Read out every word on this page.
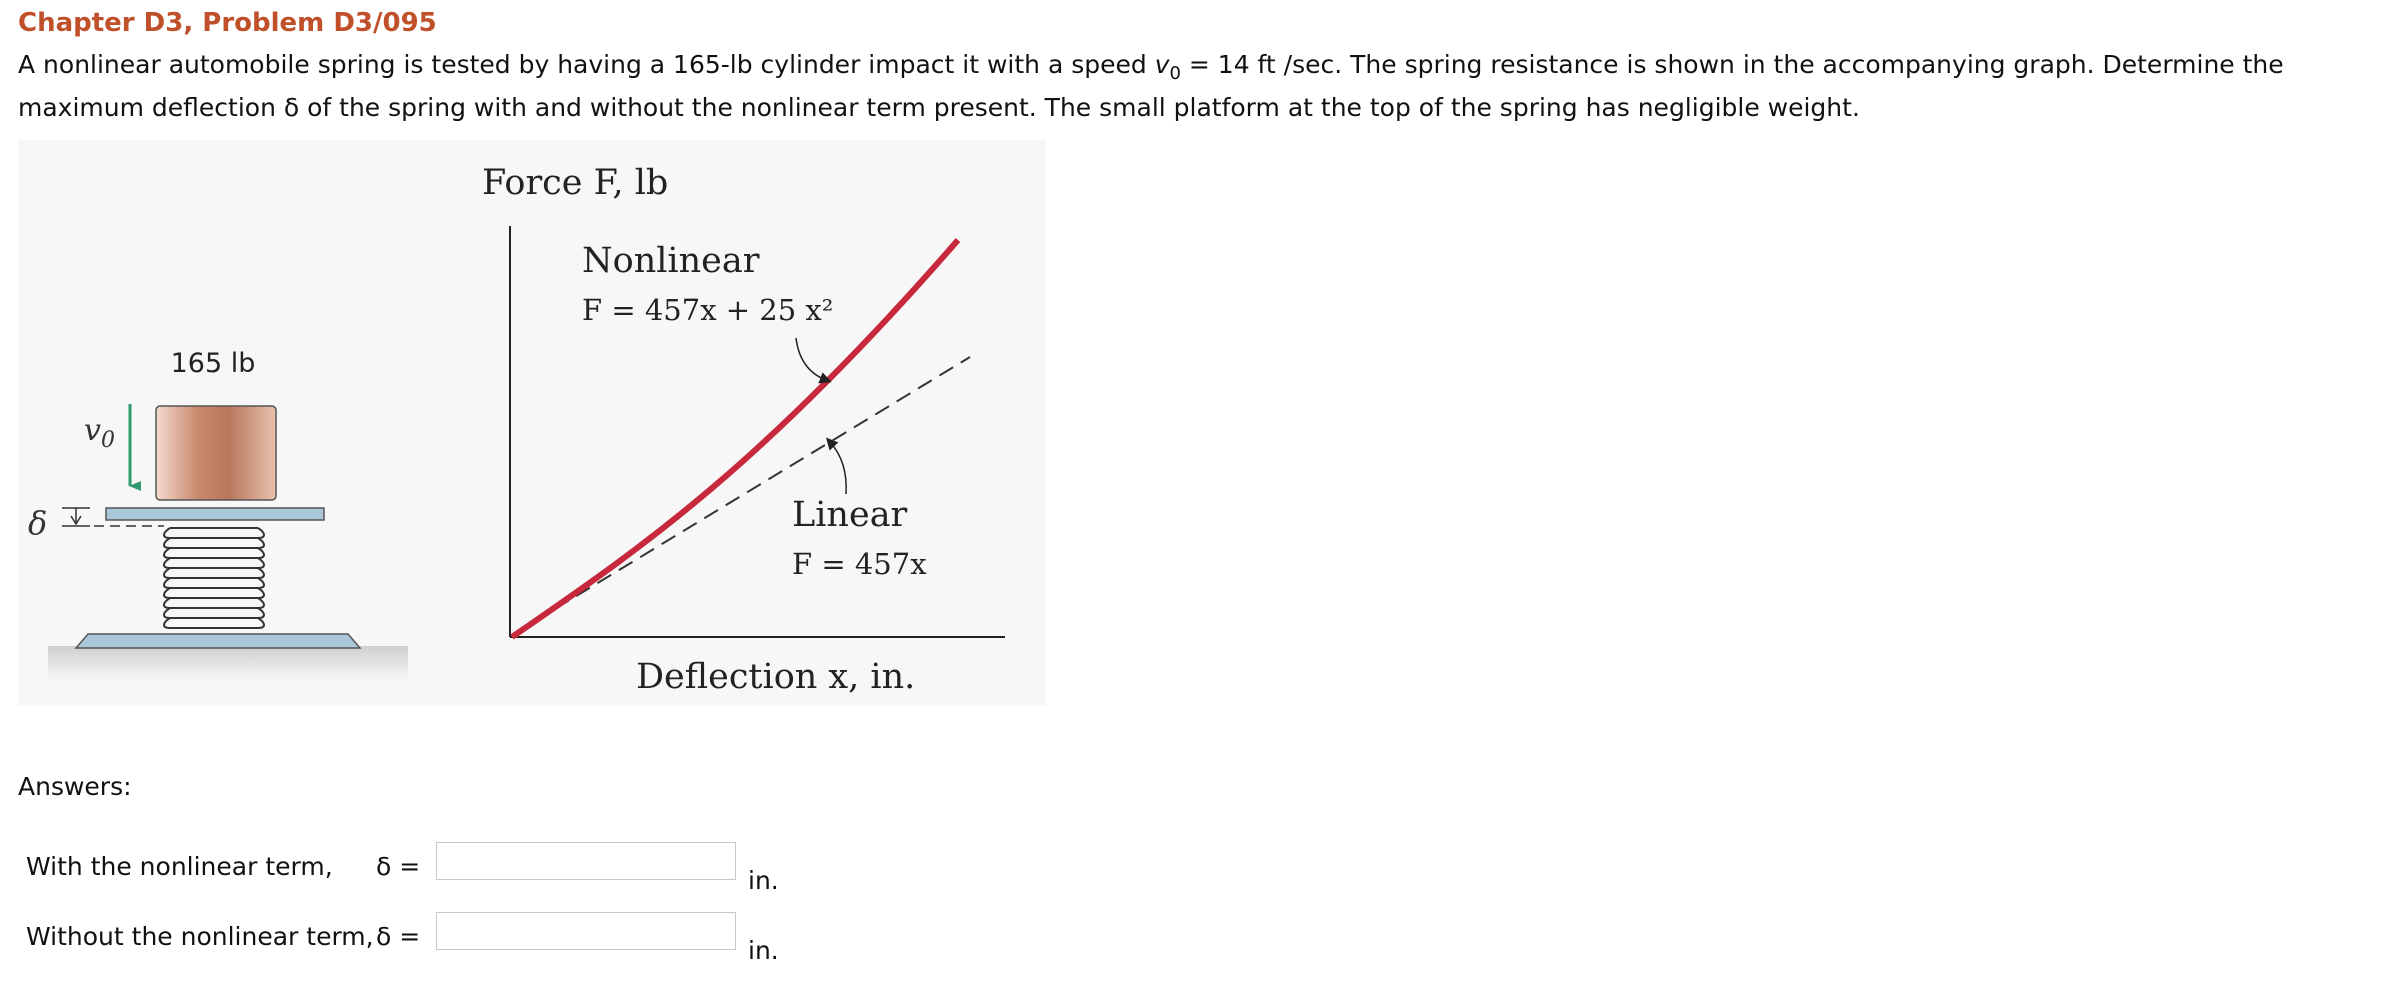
Chapter D3, Problem D3/095
A nonlinear automobile spring is tested by having a 165-lb cylinder impact it with a speed $v_0 = 14$ ft /sec. The spring resistance is shown in the accompanying graph. Determine the maximum deflection δ of the spring with and without the nonlinear term present. The small platform at the top of the spring has negligible weight.
165 lb
$v_0$
δ
Force F, lb
Deflection x, in.
Nonlinear
F = 457x + 25 x²
Linear
F = 457x
Answers:
With the nonlinear term, δ =	in.
Without the nonlinear term, δ =	in.
